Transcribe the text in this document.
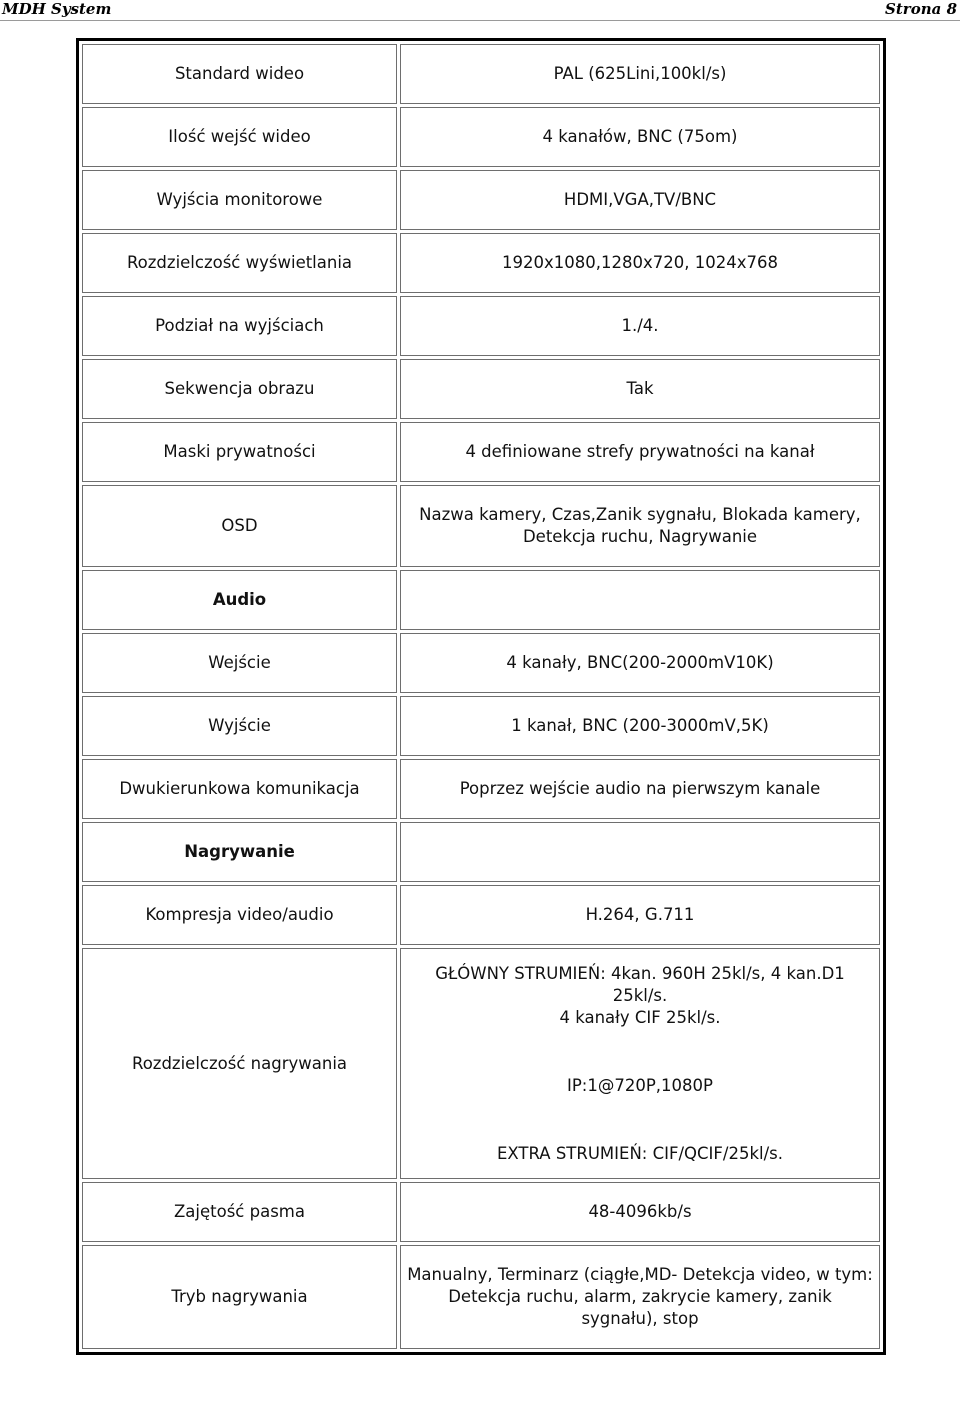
MDH System	Strona 8
Standard wideo	PAL (625Lini,100kl/s)
Ilość wejść wideo	4 kanałów, BNC (75om)
Wyjścia monitorowe	HDMI,VGA,TV/BNC
Rozdzielczość wyświetlania	1920x1080,1280x720, 1024x768
Podział na wyjściach	1./4.
Sekwencja obrazu	Tak
Maski prywatności	4 definiowane strefy prywatności na kanał
OSD	Nazwa kamery, Czas,Zanik sygnału, Blokada kamery,
Detekcja ruchu, Nagrywanie

Audio	
Wejście	4 kanały, BNC(200-2000mV10K)
Wyjście	1 kanał, BNC (200-3000mV,5K)
Dwukierunkowa komunikacja	Poprzez wejście audio na pierwszym kanale
Nagrywanie	
Kompresja video/audio	H.264, G.711
Rozdzielczość nagrywania	GŁÓWNY STRUMIEŃ: 4kan. 960H 25kl/s, 4 kan.D1 25kl/s.
4 kanały CIF 25kl/s.
IP:1@720P,1080P
EXTRA STRUMIEŃ: CIF/QCIF/25kl/s.

Zajętość pasma	48-4096kb/s
Tryb nagrywania	Manualny, Terminarz (ciągłe,MD- Detekcja video, w tym:
Detekcja ruchu, alarm, zakrycie kamery, zanik
sygnału), stop
